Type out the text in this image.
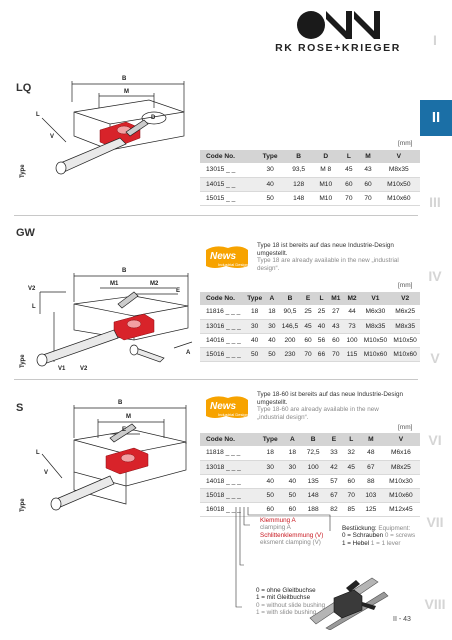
RK ROSE+KRIEGER	I
II
III
IV
V
VI
VII
VIII
LQ
B
M
D
L
V
Type
[mm]
Code No.	Type	B	D	L	M	V
13015 _ _	30	93,5	M 8	45	43	M8x35
14015 _ _	40	128	M10	60	60	M10x50
15015 _ _	50	148	M10	70	70	M10x60
GW
News
Industrial Design
Type 18 ist bereits auf das neue Industrie-Design umgestellt.
Type 18 are already available in the new „industrial design“.
B
M1	M2
E
A
L
V2
V1 V2
Type
[mm]
Code No.	Type	A	B	E	L	M1	M2	V1	V2
11816 _ _ _	18	18	90,5	25	25	27	44	M6x30	M6x25
13016 _ _ _	30	30	146,5	45	40	43	73	M8x35	M8x35
14016 _ _ _	40	40	200	60	56	60	100	M10x50	M10x50
15016 _ _ _	50	50	230	70	66	70	115	M10x60	M10x60
S	News
Industrial Design
Type 18-60 ist bereits auf das neue Industrie-Design umgestellt.
Type 18-60 are already available in the new „industrial design“.
B
M
E
L
V
Type
[mm]
Code No.	Type	A	B	E	L	M	V
11818 _ _ _	18	18	72,5	33	32	48	M6x16
13018 _ _ _	30	30	100	42	45	67	M8x25
14018 _ _ _	40	40	135	57	60	88	M10x30
15018 _ _ _	50	50	148	67	70	103	M10x60
16018 _ _ _	60	60	188	82	85	125	M12x45
Klemmung A
clamping A
Schlittenklemmung (V)
eksment clamping (V)
Bestückung: Equipment:
0 = Schrauben 0 = screws
1 = Hebel 1 = 1 lever
0 = ohne Gleitbuchse
1 = mit Gleitbuchse
0 = without slide bushing
1 = with slide bushing
II - 43
